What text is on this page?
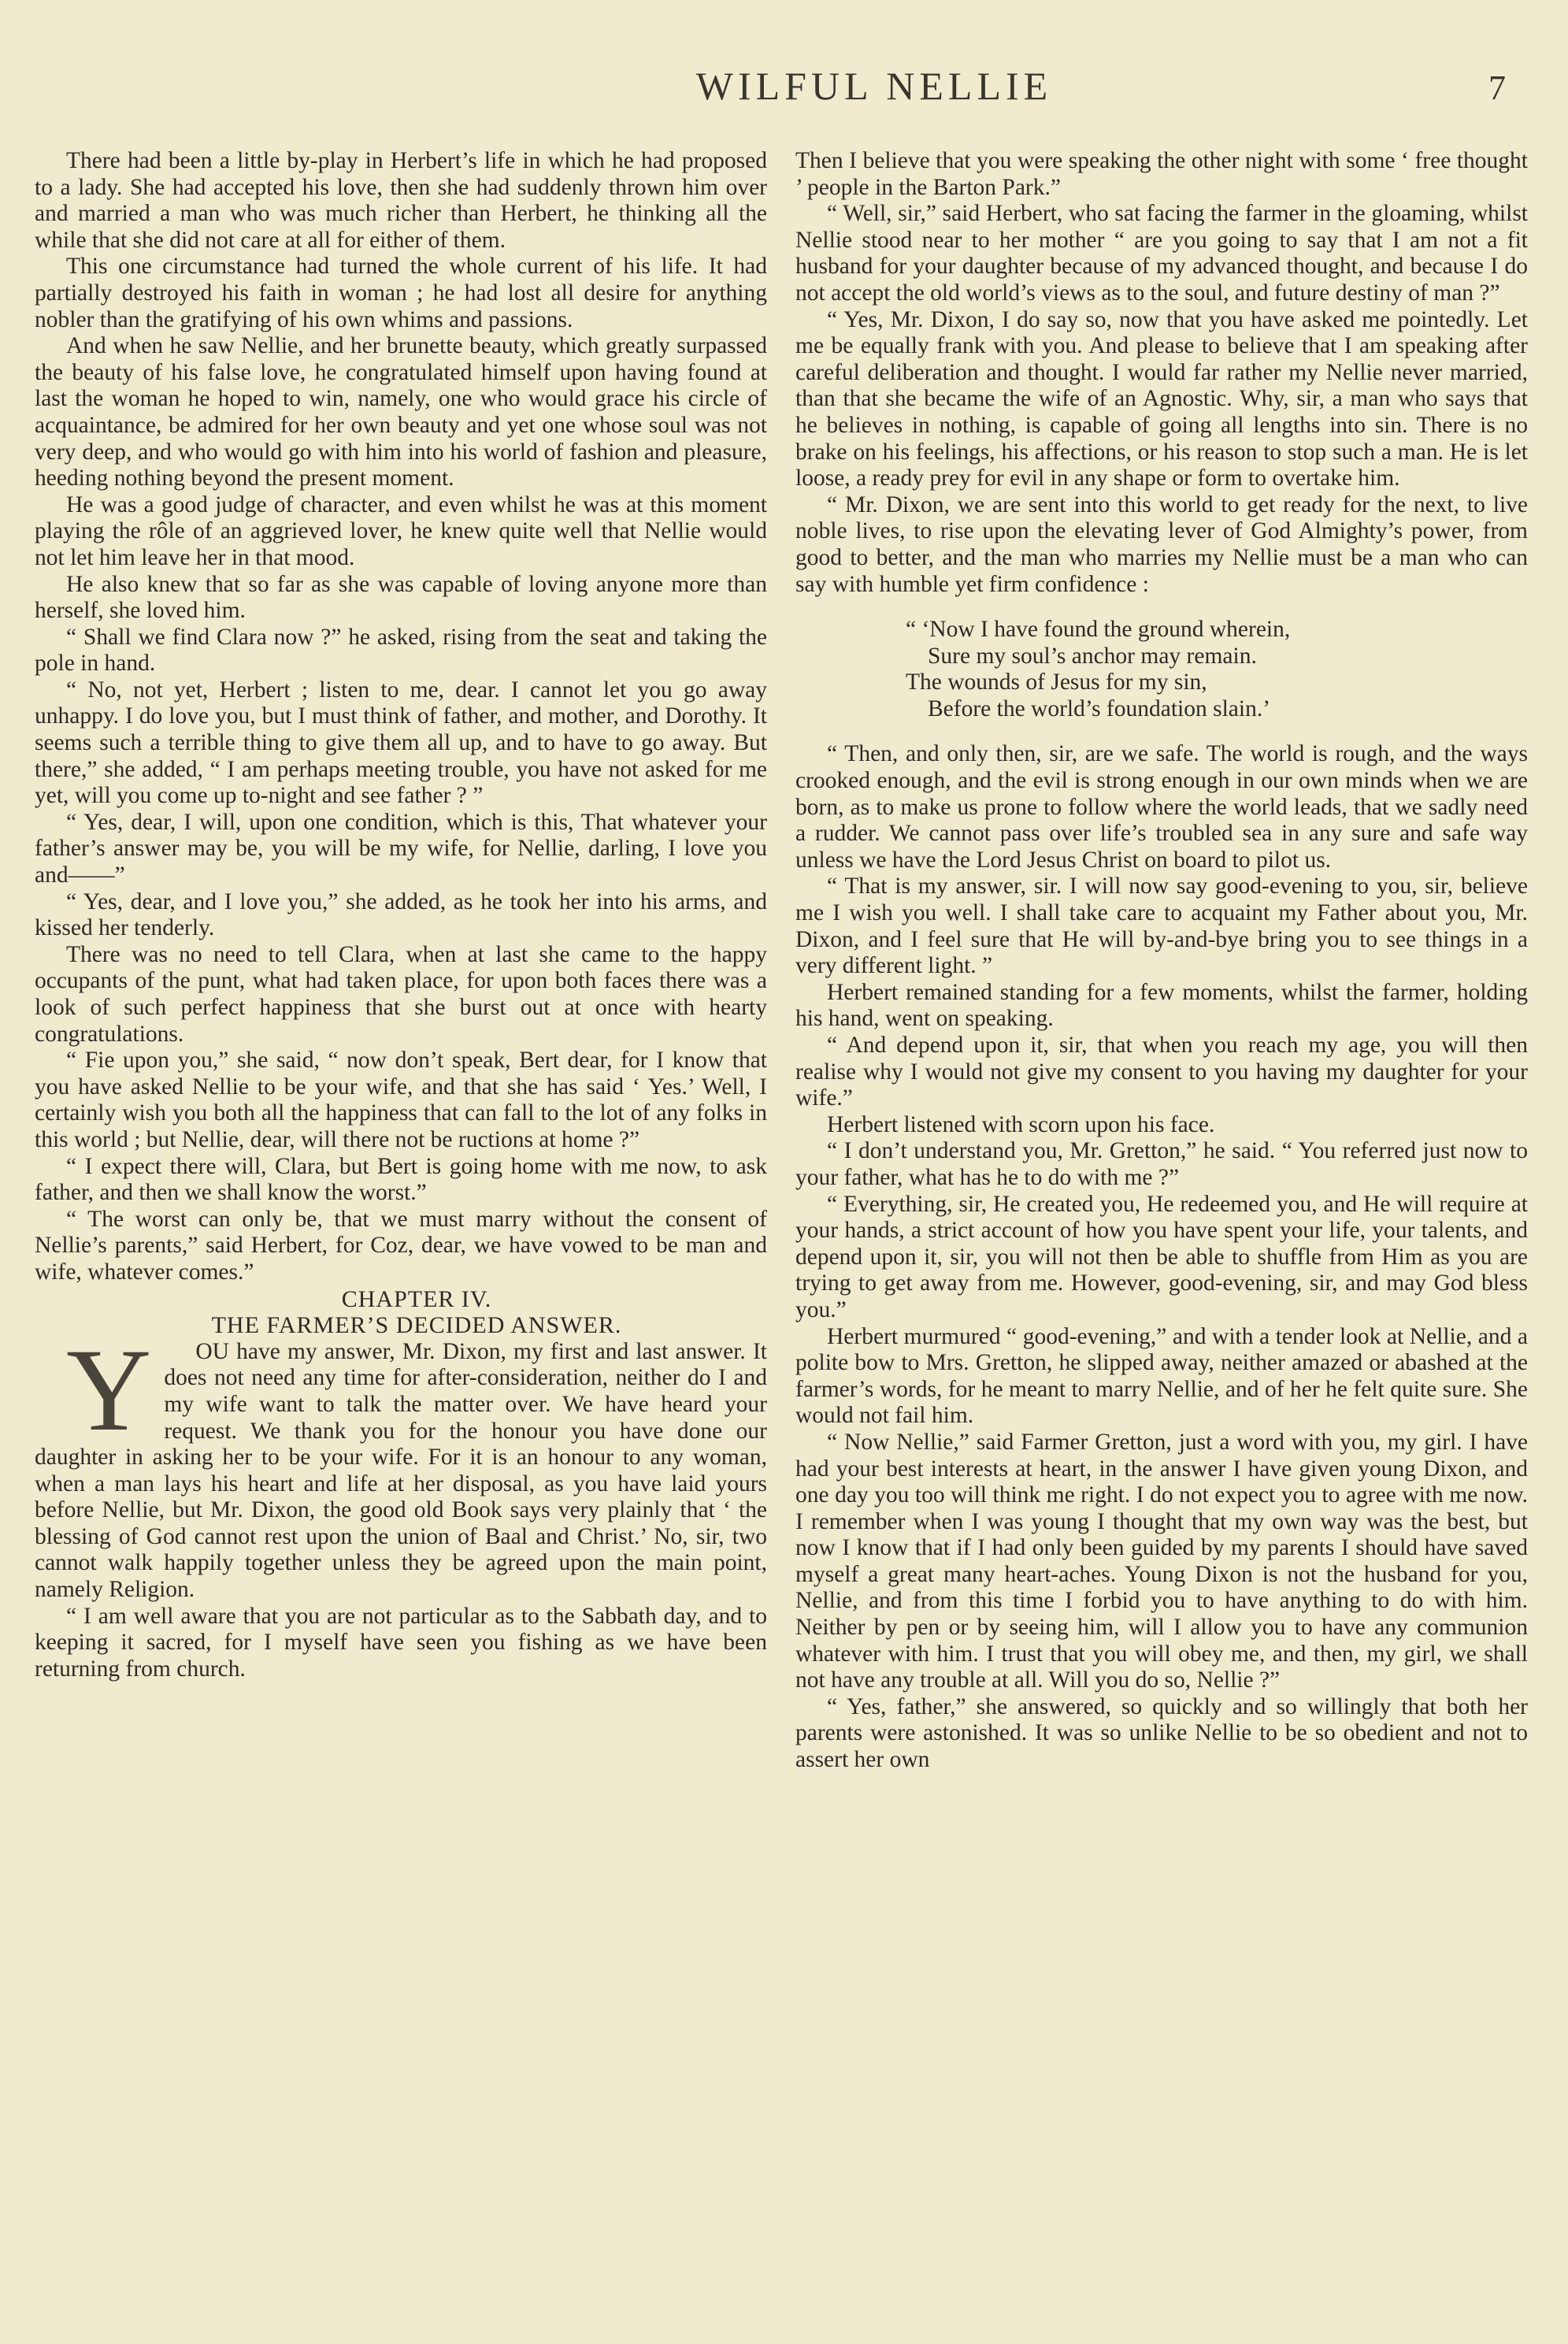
WILFUL NELLIE	7

There had been a little by-play in Herbert’s life in which he had proposed to a lady. She had accepted his love, then she had suddenly thrown him over and married a man who was much richer than Herbert, he thinking all the while that she did not care at all for either of them.

This one circumstance had turned the whole current of his life. It had partially destroyed his faith in woman ; he had lost all desire for anything nobler than the gratifying of his own whims and passions.

And when he saw Nellie, and her brunette beauty, which greatly surpassed the beauty of his false love, he congratulated himself upon having found at last the woman he hoped to win, namely, one who would grace his circle of acquaintance, be admired for her own beauty and yet one whose soul was not very deep, and who would go with him into his world of fashion and pleasure, heeding nothing beyond the present moment.

He was a good judge of character, and even whilst he was at this moment playing the rôle of an aggrieved lover, he knew quite well that Nellie would not let him leave her in that mood.

He also knew that so far as she was capable of loving anyone more than herself, she loved him.

“ Shall we find Clara now ?” he asked, rising from the seat and taking the pole in hand.

“ No, not yet, Herbert ; listen to me, dear. I cannot let you go away unhappy. I do love you, but I must think of father, and mother, and Dorothy. It seems such a terrible thing to give them all up, and to have to go away. But there,” she added, “ I am perhaps meeting trouble, you have not asked for me yet, will you come up to-night and see father ? ”

“ Yes, dear, I will, upon one condition, which is this, That whatever your father’s answer may be, you will be my wife, for Nellie, darling, I love you and——”

“ Yes, dear, and I love you,” she added, as he took her into his arms, and kissed her tenderly.

There was no need to tell Clara, when at last she came to the happy occupants of the punt, what had taken place, for upon both faces there was a look of such perfect happiness that she burst out at once with hearty congratulations.

“ Fie upon you,” she said, “ now don’t speak, Bert dear, for I know that you have asked Nellie to be your wife, and that she has said ‘ Yes.’ Well, I certainly wish you both all the happiness that can fall to the lot of any folks in this world ; but Nellie, dear, will there not be ructions at home ?”

“ I expect there will, Clara, but Bert is going home with me now, to ask father, and then we shall know the worst.”

“ The worst can only be, that we must marry without the consent of Nellie’s parents,” said Herbert, for Coz, dear, we have vowed to be man and wife, whatever comes.”

CHAPTER IV.

THE FARMER’S DECIDED ANSWER.

Y OU have my answer, Mr. Dixon, my first and last answer. It does not need any time for after-consideration, neither do I and my wife want to talk the matter over. We have heard your request. We thank you for the honour you have done our daughter in asking her to be your wife. For it is an honour to any woman, when a man lays his heart and life at her disposal, as you have laid yours before Nellie, but Mr. Dixon, the good old Book says very plainly that ‘ the blessing of God cannot rest upon the union of Baal and Christ.’ No, sir, two cannot walk happily together unless they be agreed upon the main point, namely Religion.

“ I am well aware that you are not particular as to the Sabbath day, and to keeping it sacred, for I myself have seen you fishing as we have been returning from church.

Then I believe that you were speaking the other night with some ‘ free thought ’ people in the Barton Park.”

“ Well, sir,” said Herbert, who sat facing the farmer in the gloaming, whilst Nellie stood near to her mother “ are you going to say that I am not a fit husband for your daughter because of my advanced thought, and because I do not accept the old world’s views as to the soul, and future destiny of man ?”

“ Yes, Mr. Dixon, I do say so, now that you have asked me pointedly. Let me be equally frank with you. And please to believe that I am speaking after careful deliberation and thought. I would far rather my Nellie never married, than that she became the wife of an Agnostic. Why, sir, a man who says that he believes in nothing, is capable of going all lengths into sin. There is no brake on his feelings, his affections, or his reason to stop such a man. He is let loose, a ready prey for evil in any shape or form to overtake him.

“ Mr. Dixon, we are sent into this world to get ready for the next, to live noble lives, to rise upon the elevating lever of God Almighty’s power, from good to better, and the man who marries my Nellie must be a man who can say with humble yet firm confidence :

“ ‘Now I have found the ground wherein,
Sure my soul’s anchor may remain.
The wounds of Jesus for my sin,
Before the world’s foundation slain.’

“ Then, and only then, sir, are we safe. The world is rough, and the ways crooked enough, and the evil is strong enough in our own minds when we are born, as to make us prone to follow where the world leads, that we sadly need a rudder. We cannot pass over life’s troubled sea in any sure and safe way unless we have the Lord Jesus Christ on board to pilot us.

“ That is my answer, sir. I will now say good-evening to you, sir, believe me I wish you well. I shall take care to acquaint my Father about you, Mr. Dixon, and I feel sure that He will by-and-bye bring you to see things in a very different light. ”

Herbert remained standing for a few moments, whilst the farmer, holding his hand, went on speaking.

“ And depend upon it, sir, that when you reach my age, you will then realise why I would not give my consent to you having my daughter for your wife.”

Herbert listened with scorn upon his face.

“ I don’t understand you, Mr. Gretton,” he said. “ You referred just now to your father, what has he to do with me ?”

“ Everything, sir, He created you, He redeemed you, and He will require at your hands, a strict account of how you have spent your life, your talents, and depend upon it, sir, you will not then be able to shuffle from Him as you are trying to get away from me. However, good-evening, sir, and may God bless you.”

Herbert murmured “ good-evening,” and with a tender look at Nellie, and a polite bow to Mrs. Gretton, he slipped away, neither amazed or abashed at the farmer’s words, for he meant to marry Nellie, and of her he felt quite sure. She would not fail him.

“ Now Nellie,” said Farmer Gretton, just a word with you, my girl. I have had your best interests at heart, in the answer I have given young Dixon, and one day you too will think me right. I do not expect you to agree with me now. I remember when I was young I thought that my own way was the best, but now I know that if I had only been guided by my parents I should have saved myself a great many heart-aches. Young Dixon is not the husband for you, Nellie, and from this time I forbid you to have anything to do with him. Neither by pen or by seeing him, will I allow you to have any communion whatever with him. I trust that you will obey me, and then, my girl, we shall not have any trouble at all. Will you do so, Nellie ?”

“ Yes, father,” she answered, so quickly and so willingly that both her parents were astonished. It was so unlike Nellie to be so obedient and not to assert her own
